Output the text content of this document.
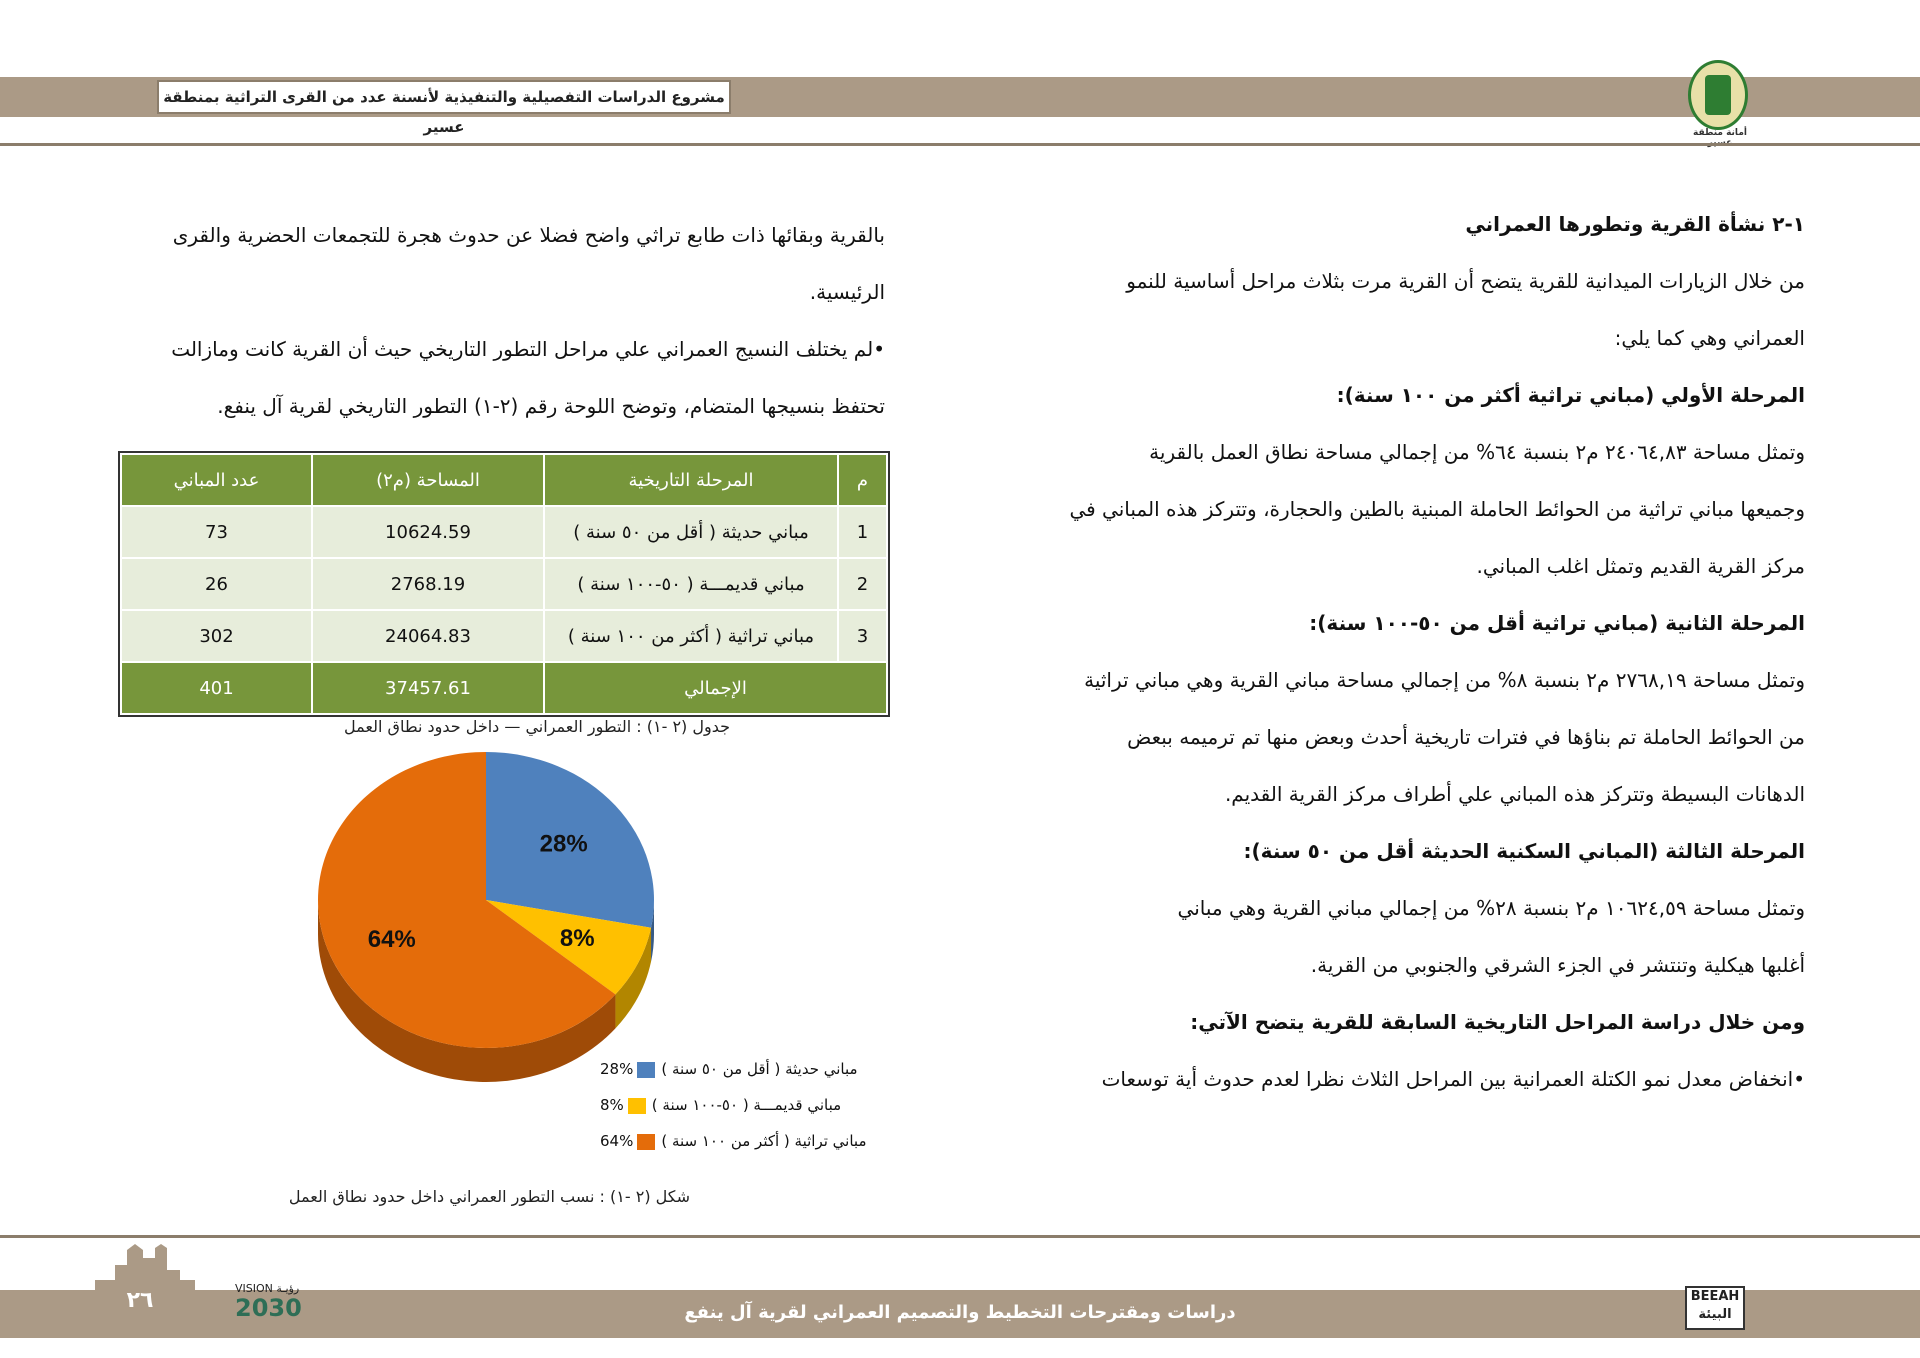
مشروع الدراسات التفصيلية والتنفيذية لأنسنة عدد من القرى التراثية بمنطقة عسير	أمانة منطقة

١-٢ نشأة القرية وتطورها العمراني

من خلال الزيارات الميدانية للقرية يتضح أن القرية مرت بثلاث مراحل أساسية للنمو

العمراني وهي كما يلي:

المرحلة الأولي (مباني تراثية أكثر من ١٠٠ سنة):

وتمثل مساحة ٢٤٠٦٤,٨٣ م٢ بنسبة ٦٤% من إجمالي مساحة نطاق العمل بالقرية

وجميعها مباني تراثية من الحوائط الحاملة المبنية بالطين والحجارة، وتتركز هذه المباني في

مركز القرية القديم وتمثل اغلب المباني.

المرحلة الثانية (مباني تراثية أقل من ٥٠-١٠٠ سنة):

وتمثل مساحة ٢٧٦٨,١٩ م٢ بنسبة ٨% من إجمالي مساحة مباني القرية وهي مباني تراثية

من الحوائط الحاملة تم بناؤها في فترات تاريخية أحدث وبعض منها تم ترميمه ببعض

الدهانات البسيطة وتتركز هذه المباني علي أطراف مركز القرية القديم.

المرحلة الثالثة (المباني السكنية الحديثة أقل من ٥٠ سنة):

وتمثل مساحة ١٠٦٢٤,٥٩ م٢ بنسبة ٢٨% من إجمالي مباني القرية وهي مباني

أغلبها هيكلية وتنتشر في الجزء الشرقي والجنوبي من القرية.

ومن خلال دراسة المراحل التاريخية السابقة للقرية يتضح الآتي:

•انخفاض معدل نمو الكتلة العمرانية بين المراحل الثلاث نظرا لعدم حدوث أية توسعات

بالقرية وبقائها ذات طابع تراثي واضح فضلا عن حدوث هجرة للتجمعات الحضرية والقرى

الرئيسية.

•لم يختلف النسيج العمراني علي مراحل التطور التاريخي حيث أن القرية كانت ومازالت

تحتفظ بنسيجها المتضام، وتوضح اللوحة رقم (٢-١) التطور التاريخي لقرية آل ينفع.

م	المرحلة التاريخية	المساحة (م٢)	عدد المباني
1	مباني حديثة ( أقل من ٥٠ سنة )	10624.59	73
2	مباني قديمـــة ( ٥٠-١٠٠ سنة )	2768.19	26
3	مباني تراثية ( أكثر من ١٠٠ سنة )	24064.83	302
الإجمالي		37457.61	401
جدول (٢ -١) : التطور العمراني — داخل حدود نطاق العمل
28%
8%
64%
28% مباني حديثة ( أقل من ٥٠ سنة )
8% مباني قديمـــة ( ٥٠-١٠٠ سنة )
64% مباني تراثية ( أكثر من ١٠٠ سنة )
شكل (٢ -١) : نسب التطور العمراني داخل حدود نطاق العمل
٢٦	VISION رؤيـة
2030	دراسات ومقترحات التخطيط والتصميم العمراني لقرية آل ينفع
BEEAH البيئة
